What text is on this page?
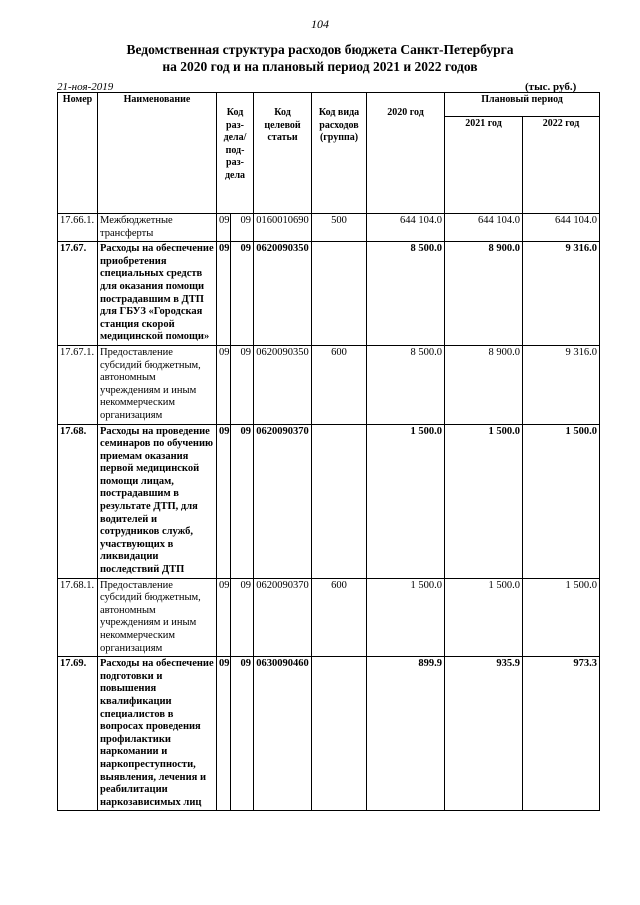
104
Ведомственная структура расходов бюджета Санкт-Петербурга
на 2020 год и на плановый период 2021 и 2022 годов
21-ноя-2019	(тыс. руб.)
Номер	Наименование	Код раз-дела/ под-раз-дела		Код целевой статьи	Код вида расходов (группа)	2020 год	Плановый период	
							2021 год	2022 год
17.66.1.	Межбюджетные трансферты	09	09	0160010690	500	644 104.0	644 104.0	644 104.0
17.67.	Расходы на обеспечение приобретения специальных средств для оказания помощи пострадавшим в ДТП для ГБУЗ «Городская станция скорой медицинской помощи»	09	09	0620090350		8 500.0	8 900.0	9 316.0
17.67.1.	Предоставление субсидий бюджетным, автономным учреждениям и иным некоммерческим организациям	09	09	0620090350	600	8 500.0	8 900.0	9 316.0
17.68.	Расходы на проведение семинаров по обучению приемам оказания первой медицинской помощи лицам, пострадавшим в результате ДТП, для водителей и сотрудников служб, участвующих в ликвидации последствий ДТП	09	09	0620090370		1 500.0	1 500.0	1 500.0
17.68.1.	Предоставление субсидий бюджетным, автономным учреждениям и иным некоммерческим организациям	09	09	0620090370	600	1 500.0	1 500.0	1 500.0
17.69.	Расходы на обеспечение подготовки и повышения квалификации специалистов в вопросах проведения профилактики наркомании и наркопреступности, выявления, лечения и реабилитации наркозависимых лиц	09	09	0630090460		899.9	935.9	973.3
